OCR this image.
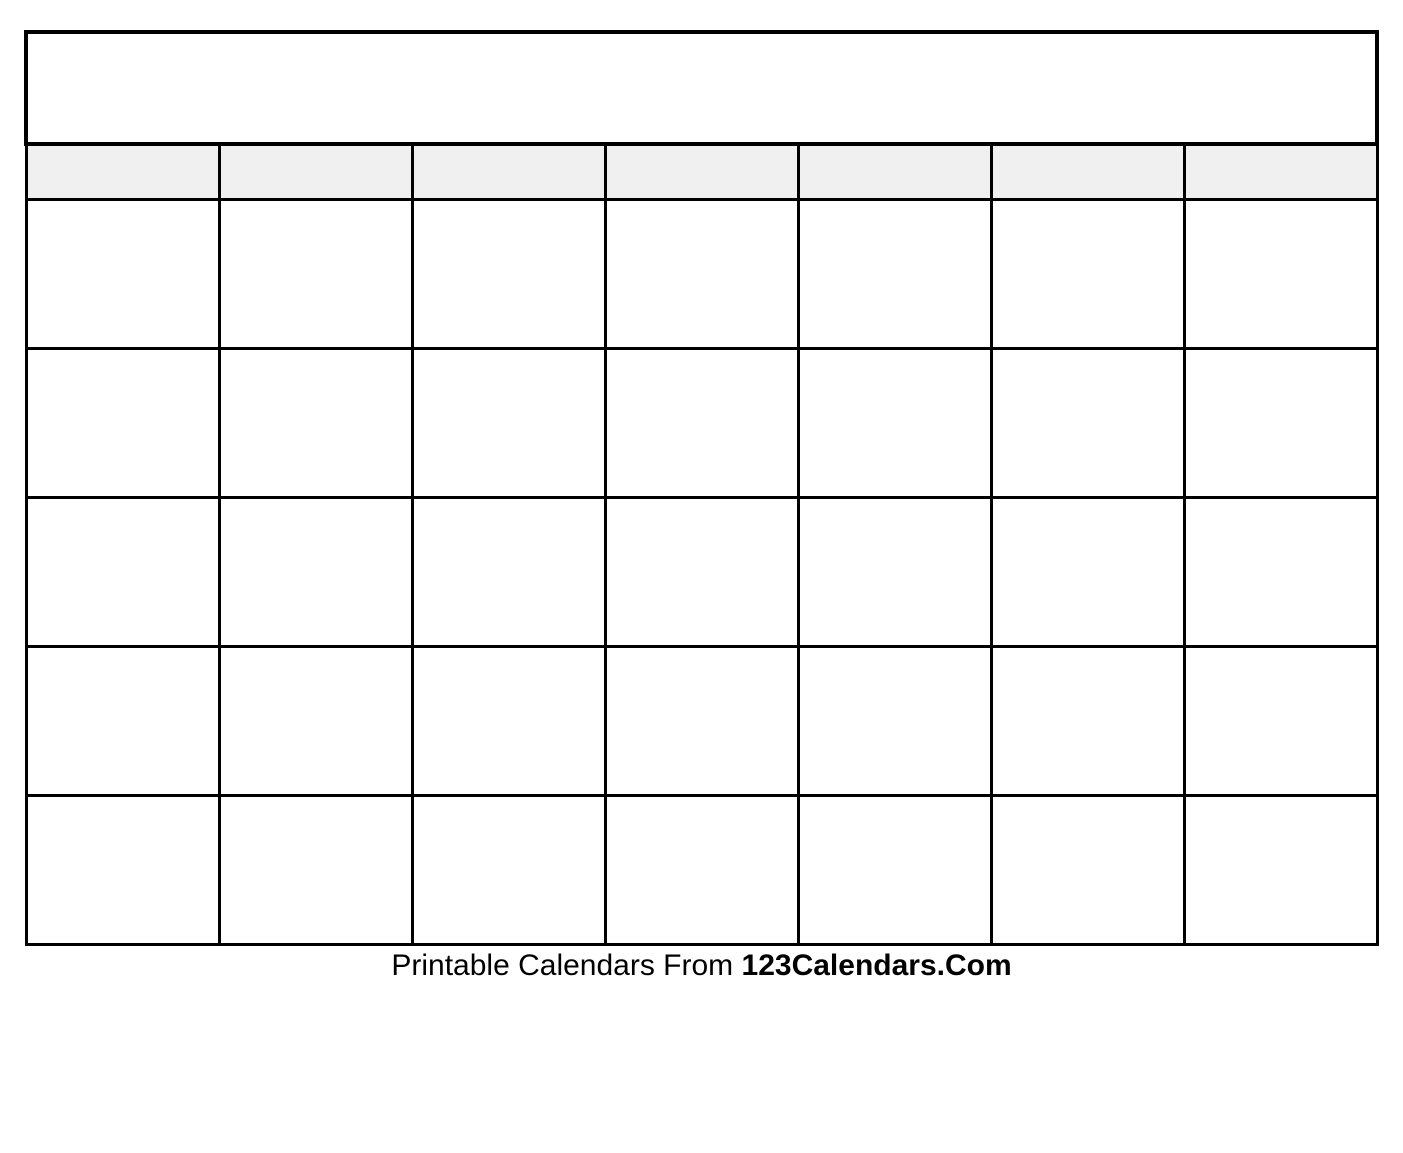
Printable Calendars From 123Calendars.Com
